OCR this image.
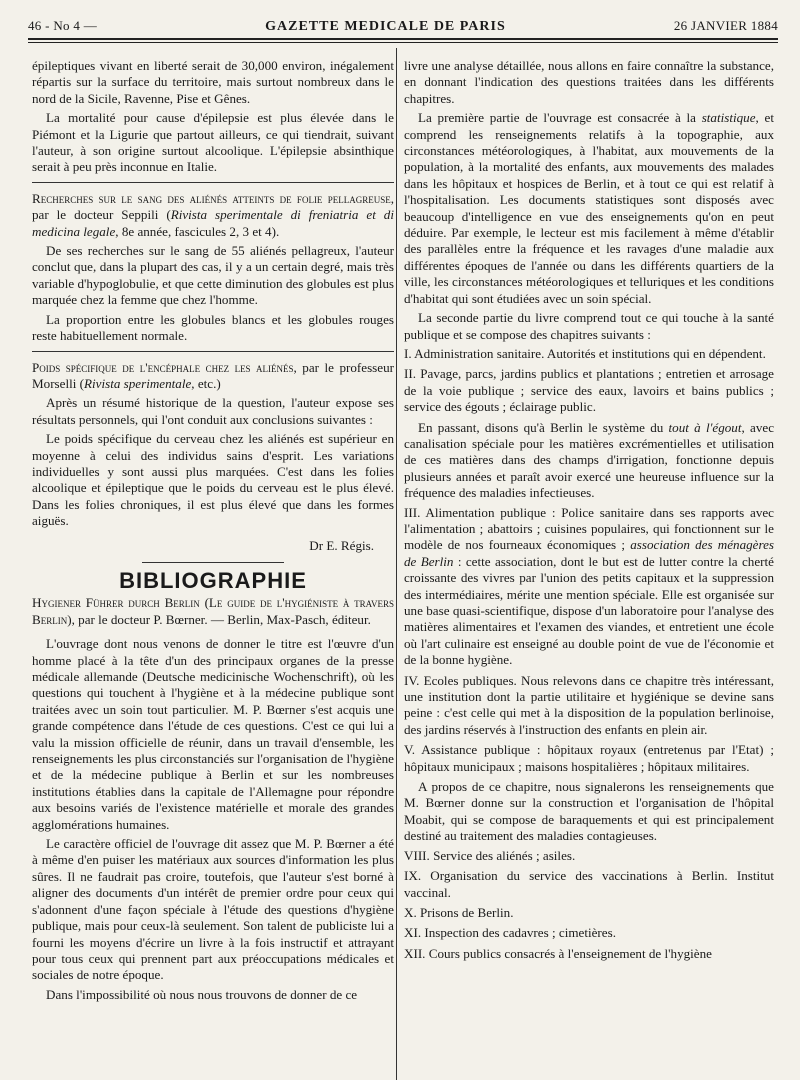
46 - No 4 —	GAZETTE MEDICALE DE PARIS	26 JANVIER 1884

épileptiques vivant en liberté serait de 30,000 environ, inégalement répartis sur la surface du territoire, mais surtout nombreux dans le nord de la Sicile, Ravenne, Pise et Gênes.

La mortalité pour cause d'épilepsie est plus élevée dans le Piémont et la Ligurie que partout ailleurs, ce qui tiendrait, suivant l'auteur, à son origine surtout alcoolique. L'épilepsie absinthique serait à peu près inconnue en Italie.

Recherches sur le sang des aliénés atteints de folie pellagreuse, par le docteur Seppili (Rivista sperimentale di freniatria et di medicina legale, 8e année, fascicules 2, 3 et 4).

De ses recherches sur le sang de 55 aliénés pellagreux, l'auteur conclut que, dans la plupart des cas, il y a un certain degré, mais très variable d'hypoglobulie, et que cette diminution des globules est plus marquée chez la femme que chez l'homme.

La proportion entre les globules blancs et les globules rouges reste habituellement normale.

Poids spécifique de l'encéphale chez les aliénés, par le professeur Morselli (Rivista sperimentale, etc.)

Après un résumé historique de la question, l'auteur expose ses résultats personnels, qui l'ont conduit aux conclusions suivantes :

Le poids spécifique du cerveau chez les aliénés est supérieur en moyenne à celui des individus sains d'esprit. Les variations individuelles y sont aussi plus marquées. C'est dans les folies alcoolique et épileptique que le poids du cerveau est le plus élevé. Dans les folies chroniques, il est plus élevé que dans les formes aiguës.

Dr E. Régis.
BIBLIOGRAPHIE

Hygiener Führer durch Berlin (Le guide de l'hygiéniste à travers Berlin), par le docteur P. Bœrner. — Berlin, Max-Pasch, éditeur.

L'ouvrage dont nous venons de donner le titre est l'œuvre d'un homme placé à la tête d'un des principaux organes de la presse médicale allemande (Deutsche medicinische Wochenschrift), où les questions qui touchent à l'hygiène et à la médecine publique sont traitées avec un soin tout particulier. M. P. Bœrner s'est acquis une grande compétence dans l'étude de ces questions. C'est ce qui lui a valu la mission officielle de réunir, dans un travail d'ensemble, les renseignements les plus circonstanciés sur l'organisation de l'hygiène et de la médecine publique à Berlin et sur les nombreuses institutions établies dans la capitale de l'Allemagne pour répondre aux besoins variés de l'existence matérielle et morale des grandes agglomérations humaines.

Le caractère officiel de l'ouvrage dit assez que M. P. Bœrner a été à même d'en puiser les matériaux aux sources d'information les plus sûres. Il ne faudrait pas croire, toutefois, que l'auteur s'est borné à aligner des documents d'un intérêt de premier ordre pour ceux qui s'adonnent d'une façon spéciale à l'étude des questions d'hygiène publique, mais pour ceux-là seulement. Son talent de publiciste lui a fourni les moyens d'écrire un livre à la fois instructif et attrayant pour tous ceux qui prennent part aux préoccupations médicales et sociales de notre époque.

Dans l'impossibilité où nous nous trouvons de donner de ce

livre une analyse détaillée, nous allons en faire connaître la substance, en donnant l'indication des questions traitées dans les différents chapitres.

La première partie de l'ouvrage est consacrée à la statistique, et comprend les renseignements relatifs à la topographie, aux circonstances météorologiques, à l'habitat, aux mouvements de la population, à la mortalité des enfants, aux mouvements des malades dans les hôpitaux et hospices de Berlin, et à tout ce qui est relatif à l'hospitalisation. Les documents statistiques sont disposés avec beaucoup d'intelligence en vue des enseignements qu'on en peut déduire. Par exemple, le lecteur est mis facilement à même d'établir des parallèles entre la fréquence et les ravages d'une maladie aux différentes époques de l'année ou dans les différents quartiers de la ville, les circonstances météorologiques et telluriques et les conditions d'habitat qui sont étudiées avec un soin spécial.

La seconde partie du livre comprend tout ce qui touche à la santé publique et se compose des chapitres suivants :

I. Administration sanitaire. Autorités et institutions qui en dépendent.

II. Pavage, parcs, jardins publics et plantations ; entretien et arrosage de la voie publique ; service des eaux, lavoirs et bains publics ; service des égouts ; éclairage public.

En passant, disons qu'à Berlin le système du tout à l'égout, avec canalisation spéciale pour les matières excrémentielles et utilisation de ces matières dans des champs d'irrigation, fonctionne depuis plusieurs années et paraît avoir exercé une heureuse influence sur la fréquence des maladies infectieuses.

III. Alimentation publique : Police sanitaire dans ses rapports avec l'alimentation ; abattoirs ; cuisines populaires, qui fonctionnent sur le modèle de nos fourneaux économiques ; association des ménagères de Berlin : cette association, dont le but est de lutter contre la cherté croissante des vivres par l'union des petits capitaux et la suppression des intermédiaires, mérite une mention spéciale. Elle est organisée sur une base quasi-scientifique, dispose d'un laboratoire pour l'analyse des matières alimentaires et l'examen des viandes, et entretient une école où l'art culinaire est enseigné au double point de vue de l'économie et de la bonne hygiène.

IV. Ecoles publiques. Nous relevons dans ce chapitre très intéressant, une institution dont la partie utilitaire et hygiénique se devine sans peine : c'est celle qui met à la disposition de la population berlinoise, des jardins réservés à l'instruction des enfants en plein air.

V. Assistance publique : hôpitaux royaux (entretenus par l'Etat) ; hôpitaux municipaux ; maisons hospitalières ; hôpitaux militaires.

A propos de ce chapitre, nous signalerons les renseignements que M. Bœrner donne sur la construction et l'organisation de l'hôpital Moabit, qui se compose de baraquements et qui est principalement destiné au traitement des maladies contagieuses.

VIII. Service des aliénés ; asiles.

IX. Organisation du service des vaccinations à Berlin. Institut vaccinal.

X. Prisons de Berlin.

XI. Inspection des cadavres ; cimetières.

XII. Cours publics consacrés à l'enseignement de l'hygiène
